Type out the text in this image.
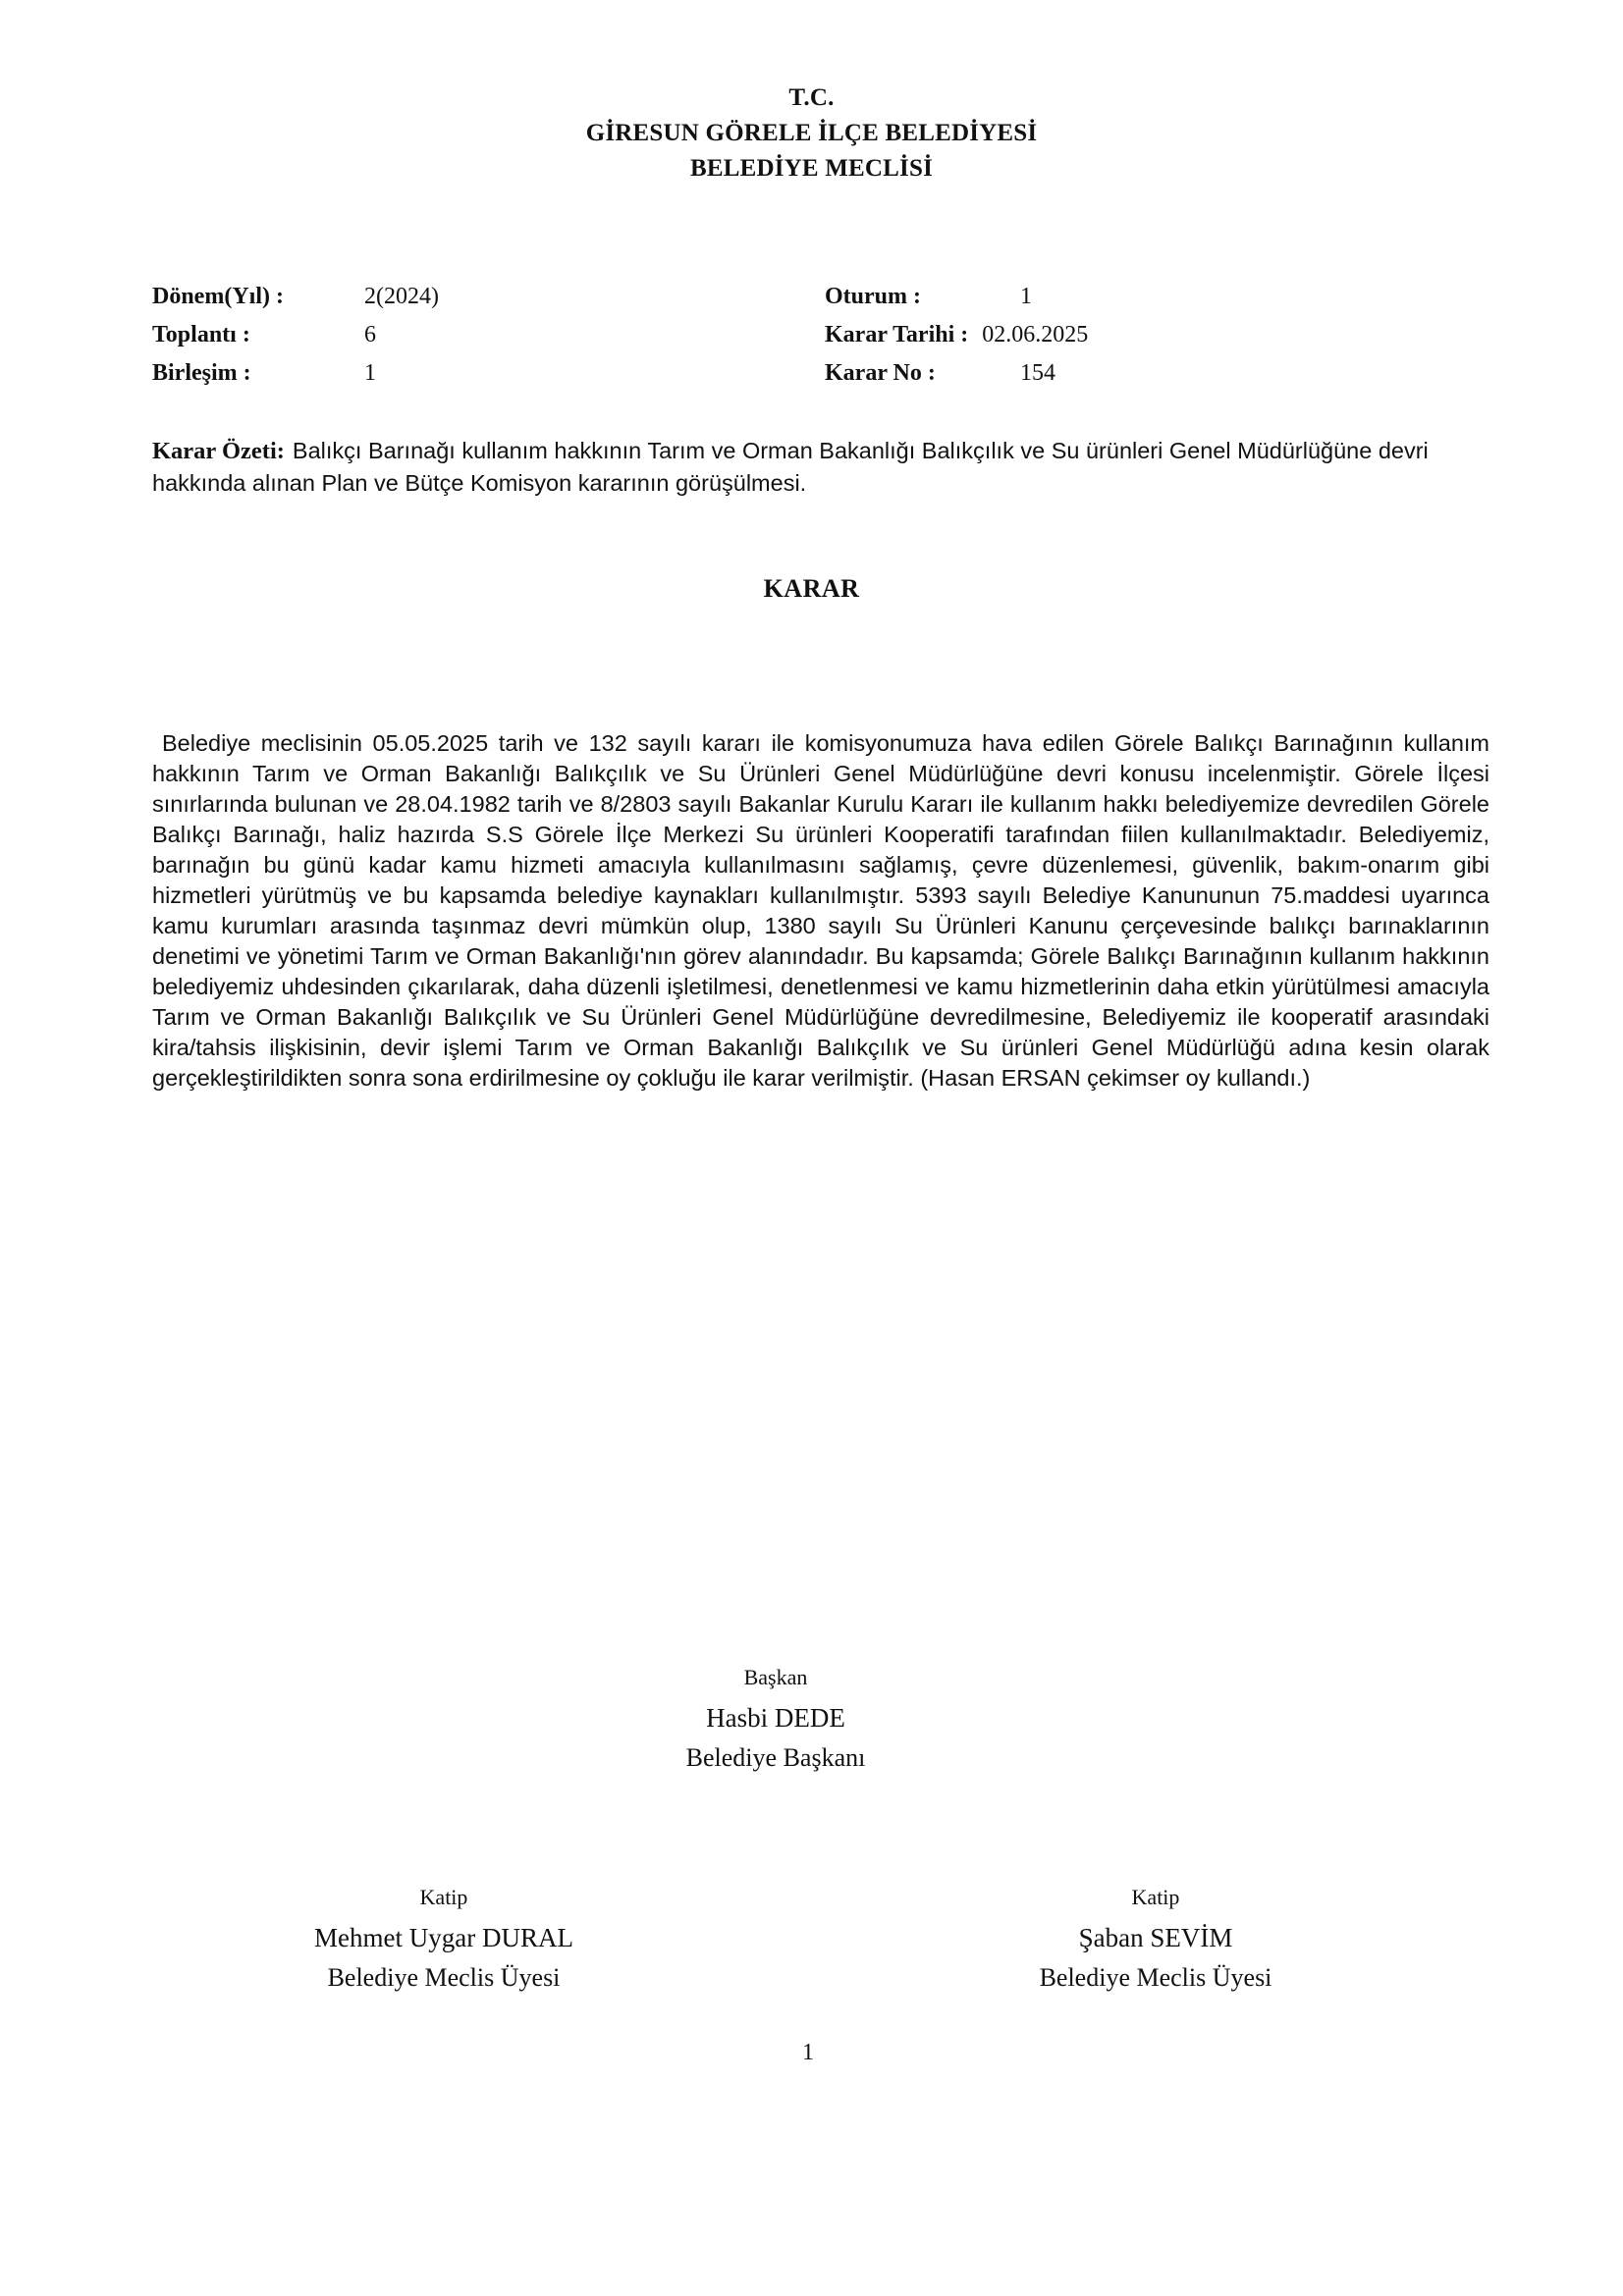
T.C.
GİRESUN GÖRELE İLÇE BELEDİYESİ
BELEDİYE MECLİSİ
Dönem(Yıl) :	2(2024)
Toplantı :	6
Birleşim :	1
Oturum :	1
Karar Tarihi : 02.06.2025
Karar No :	154
Karar Özeti: Balıkçı Barınağı kullanım hakkının Tarım ve Orman Bakanlığı Balıkçılık ve Su ürünleri Genel Müdürlüğüne devri hakkında alınan Plan ve Bütçe Komisyon kararının görüşülmesi.
KARAR
Belediye meclisinin 05.05.2025 tarih ve 132 sayılı kararı ile komisyonumuza hava edilen Görele Balıkçı Barınağının kullanım hakkının Tarım ve Orman Bakanlığı Balıkçılık ve Su Ürünleri Genel Müdürlüğüne devri konusu incelenmiştir. Görele İlçesi sınırlarında bulunan ve 28.04.1982 tarih ve 8/2803 sayılı Bakanlar Kurulu Kararı ile kullanım hakkı belediyemize devredilen Görele Balıkçı Barınağı, haliz hazırda S.S Görele İlçe Merkezi Su ürünleri Kooperatifi tarafından fiilen kullanılmaktadır. Belediyemiz, barınağın bu günü kadar kamu hizmeti amacıyla kullanılmasını sağlamış, çevre düzenlemesi, güvenlik, bakım-onarım gibi hizmetleri yürütmüş ve bu kapsamda belediye kaynakları kullanılmıştır. 5393 sayılı Belediye Kanununun 75.maddesi uyarınca kamu kurumları arasında taşınmaz devri mümkün olup, 1380 sayılı Su Ürünleri Kanunu çerçevesinde balıkçı barınaklarının denetimi ve yönetimi Tarım ve Orman Bakanlığı'nın görev alanındadır. Bu kapsamda; Görele Balıkçı Barınağının kullanım hakkının belediyemiz uhdesinden çıkarılarak, daha düzenli işletilmesi, denetlenmesi ve kamu hizmetlerinin daha etkin yürütülmesi amacıyla Tarım ve Orman Bakanlığı Balıkçılık ve Su Ürünleri Genel Müdürlüğüne devredilmesine, Belediyemiz ile kooperatif arasındaki kira/tahsis ilişkisinin, devir işlemi Tarım ve Orman Bakanlığı Balıkçılık ve Su ürünleri Genel Müdürlüğü adına kesin olarak gerçekleştirildikten sonra sona erdirilmesine oy çokluğu ile karar verilmiştir. (Hasan ERSAN çekimser oy kullandı.)
Başkan
Hasbi DEDE
Belediye Başkanı
Katip
Mehmet Uygar DURAL
Belediye Meclis Üyesi
Katip
Şaban SEVİM
Belediye Meclis Üyesi
1
